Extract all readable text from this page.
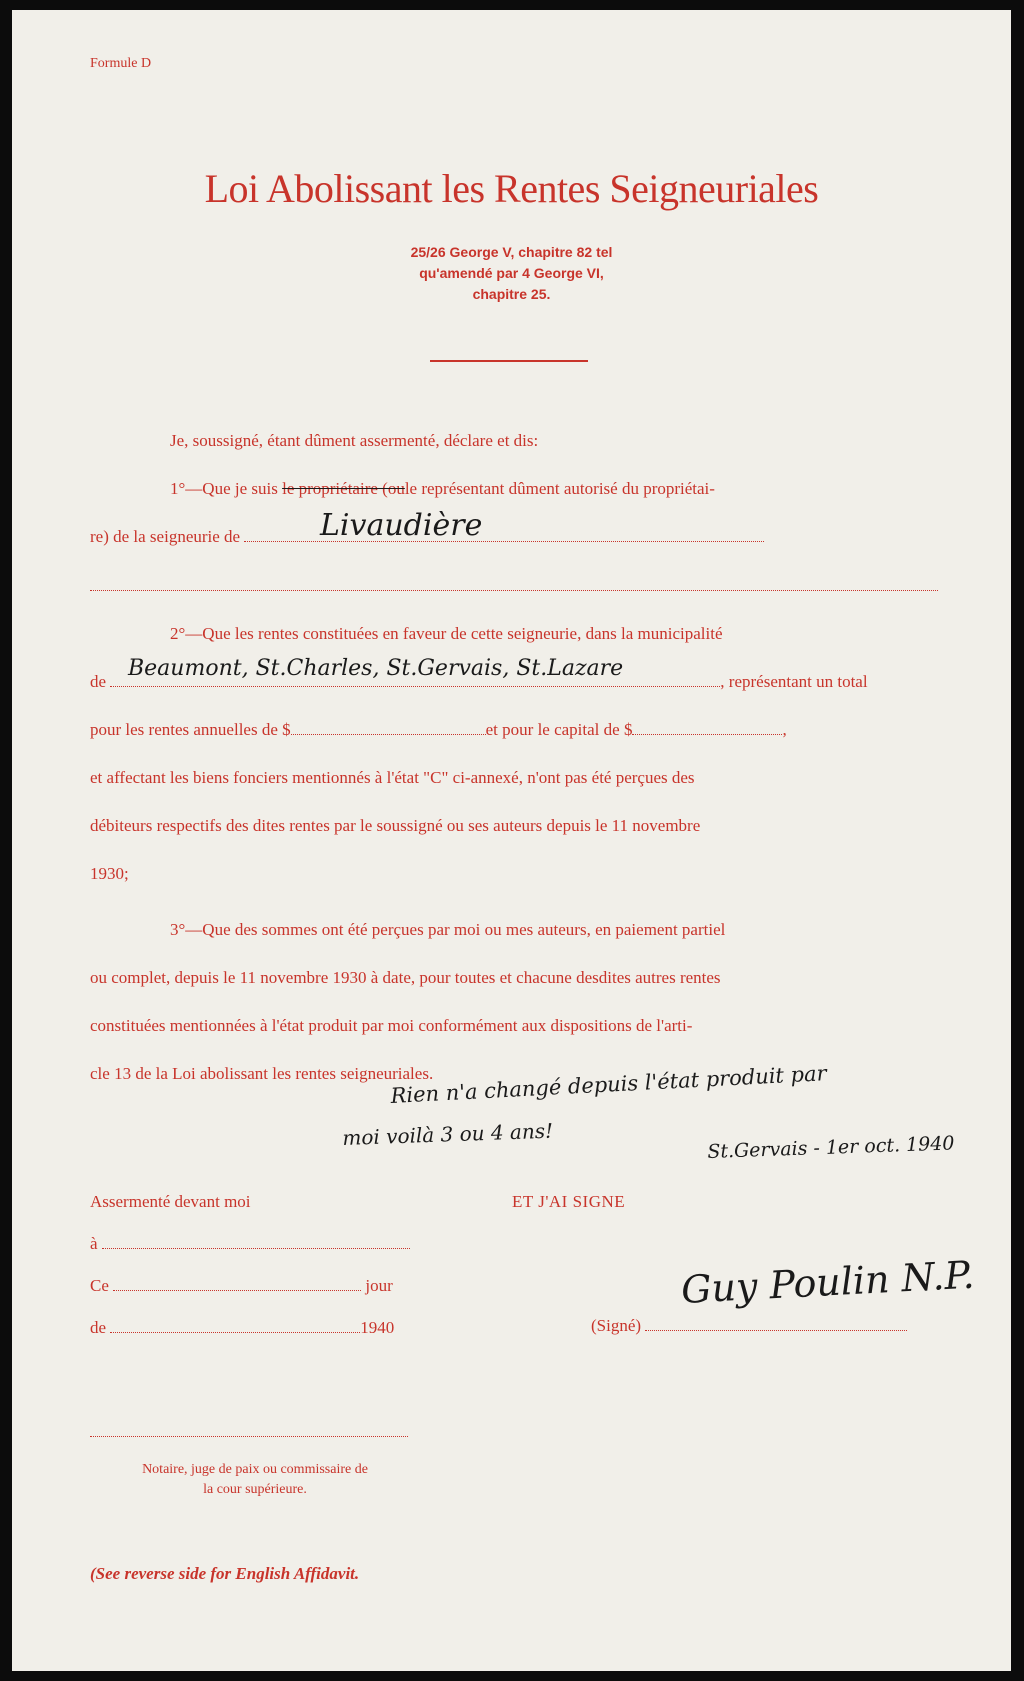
Formule D
Loi Abolissant les Rentes Seigneuriales
25/26 George V, chapitre 82 tel
qu'amendé par 4 George VI,
chapitre 25.
Je, soussigné, étant dûment assermenté, déclare et dis:
1°—Que je suis le propriétaire (oule représentant dûment autorisé du propriétai-
re) de la seigneurie de	Livaudière
2°—Que les rentes constituées en faveur de cette seigneurie, dans la municipalité
de	, représentant un total
Beaumont, St.Charles, St.Gervais, St.Lazare
pour les rentes annuelles de $	et pour le capital de $	,
et affectant les biens fonciers mentionnés à l'état "C" ci-annexé, n'ont pas été perçues des
débiteurs respectifs des dites rentes par le soussigné ou ses auteurs depuis le 11 novembre
1930;
3°—Que des sommes ont été perçues par moi ou mes auteurs, en paiement partiel
ou complet, depuis le 11 novembre 1930 à date, pour toutes et chacune desdites autres rentes
constituées mentionnées à l'état produit par moi conformément aux dispositions de l'arti-
cle 13 de la Loi abolissant les rentes seigneuriales.
Rien n'a changé depuis l'état produit par
moi voilà 3 ou 4 ans!	St.Gervais - 1er oct. 1940
Assermenté devant moi
à
Ce	jour
de	1940
Notaire, juge de paix ou commissaire de
la cour supérieure.
ET J'AI SIGNE
(Signé)
Guy Poulin N.P.
(See reverse side for English Affidavit.
